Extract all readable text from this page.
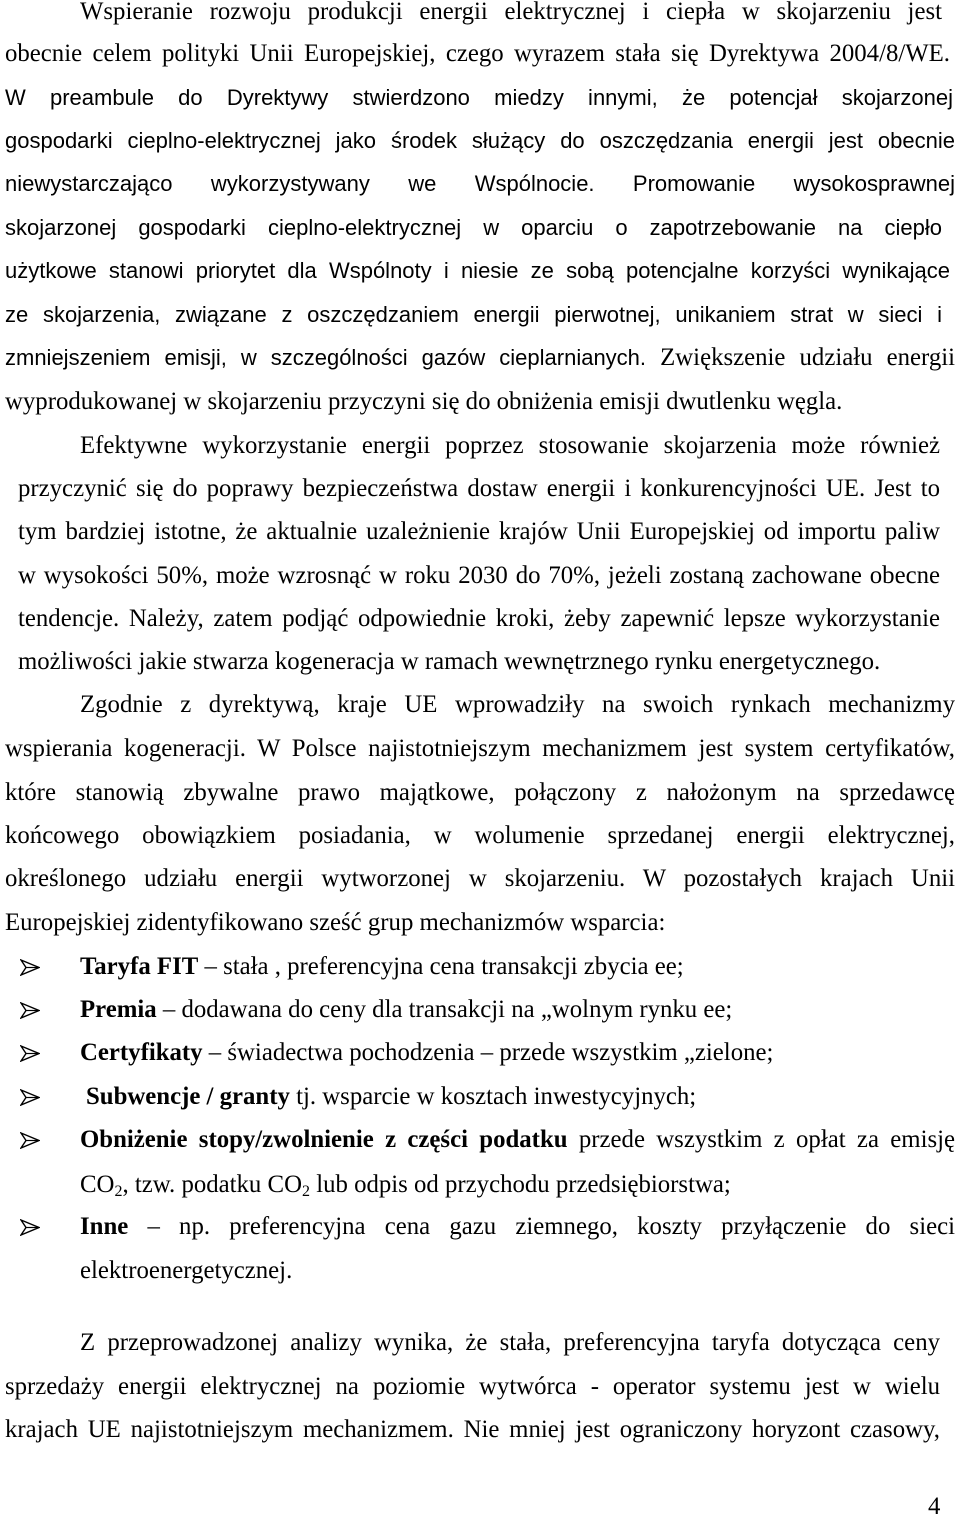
Wspieranie rozwoju produkcji energii elektrycznej i ciepła w skojarzeniu jest
obecnie celem polityki Unii Europejskiej, czego wyrazem stała się Dyrektywa 2004/8/WE.
W preambule do Dyrektywy stwierdzono miedzy innymi, że potencjał skojarzonej
gospodarki cieplno-elektrycznej jako środek służący do oszczędzania energii jest obecnie
niewystarczająco wykorzystywany we Wspólnocie. Promowanie wysokosprawnej
skojarzonej gospodarki cieplno-elektrycznej w oparciu o zapotrzebowanie na ciepło
użytkowe stanowi priorytet dla Wspólnoty i niesie ze sobą potencjalne korzyści wynikające
ze skojarzenia, związane z oszczędzaniem energii pierwotnej, unikaniem strat w sieci i
zmniejszeniem emisji, w szczególności gazów cieplarnianych. Zwiększenie udziału energii
wyprodukowanej w skojarzeniu przyczyni się do obniżenia emisji dwutlenku węgla.
Efektywne wykorzystanie energii poprzez stosowanie skojarzenia może również
przyczynić się do poprawy bezpieczeństwa dostaw energii i konkurencyjności UE. Jest to
tym bardziej istotne, że aktualnie uzależnienie krajów Unii Europejskiej od importu paliw
w wysokości 50%, może wzrosnąć w roku 2030 do 70%, jeżeli zostaną zachowane obecne
tendencje. Należy, zatem podjąć odpowiednie kroki, żeby zapewnić lepsze wykorzystanie
możliwości jakie stwarza kogeneracja w ramach wewnętrznego rynku energetycznego.
Zgodnie z dyrektywą, kraje UE wprowadziły na swoich rynkach mechanizmy
wspierania kogeneracji. W Polsce najistotniejszym mechanizmem jest system certyfikatów,
które stanowią zbywalne prawo majątkowe, połączony z nałożonym na sprzedawcę
końcowego obowiązkiem posiadania, w wolumenie sprzedanej energii elektrycznej,
określonego udziału energii wytworzonej w skojarzeniu. W pozostałych krajach Unii
Europejskiej zidentyfikowano sześć grup mechanizmów wsparcia:
Taryfa FIT – stała , preferencyjna cena transakcji zbycia ee;
Premia – dodawana do ceny dla transakcji na „wolnym rynku ee;
Certyfikaty – świadectwa pochodzenia – przede wszystkim „zielone;
Subwencje / granty tj. wsparcie w kosztach inwestycyjnych;
Obniżenie stopy/zwolnienie z części podatku przede wszystkim z opłat za emisję
$CO_2$, tzw. podatku $CO_2$ lub odpis od przychodu przedsiębiorstwa;
Inne – np. preferencyjna cena gazu ziemnego, koszty przyłączenie do sieci
elektroenergetycznej.
Z przeprowadzonej analizy wynika, że stała, preferencyjna taryfa dotycząca ceny
sprzedaży energii elektrycznej na poziomie wytwórca - operator systemu jest w wielu
krajach UE najistotniejszym mechanizmem. Nie mniej jest ograniczony horyzont czasowy,
4
